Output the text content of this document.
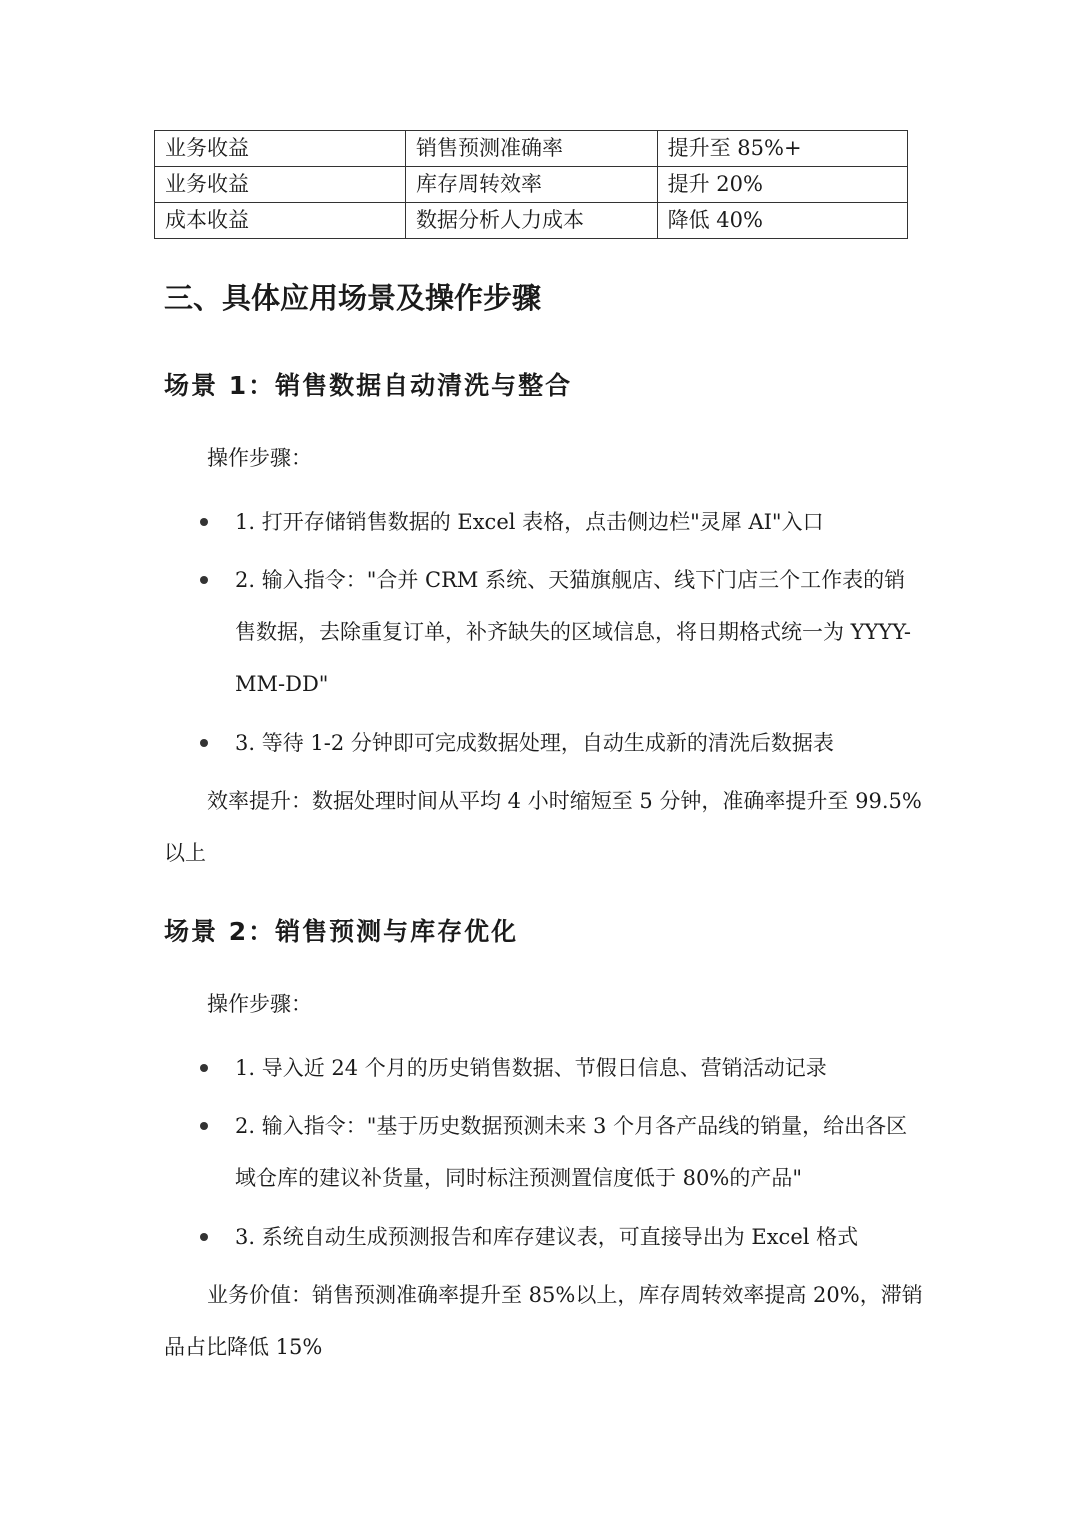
业务收益	销售预测准确率	提升至 85%+
业务收益	库存周转效率	提升 20%
成本收益	数据分析人力成本	降低 40%
三、具体应用场景及操作步骤
场景 1：销售数据自动清洗与整合

操作步骤：

1. 打开存储销售数据的 Excel 表格，点击侧边栏"灵犀 AI"入口

2. 输入指令："合并 CRM 系统、天猫旗舰店、线下门店三个工作表的销售数据，去除重复订单，补齐缺失的区域信息，将日期格式统一为 YYYY-MM-DD"

3. 等待 1-2 分钟即可完成数据处理，自动生成新的清洗后数据表

效率提升：数据处理时间从平均 4 小时缩短至 5 分钟，准确率提升至 99.5%以上

场景 2：销售预测与库存优化

操作步骤：

1. 导入近 24 个月的历史销售数据、节假日信息、营销活动记录

2. 输入指令："基于历史数据预测未来 3 个月各产品线的销量，给出各区域仓库的建议补货量，同时标注预测置信度低于 80%的产品"

3. 系统自动生成预测报告和库存建议表，可直接导出为 Excel 格式

业务价值：销售预测准确率提升至 85%以上，库存周转效率提高 20%，滞销品占比降低 15%
